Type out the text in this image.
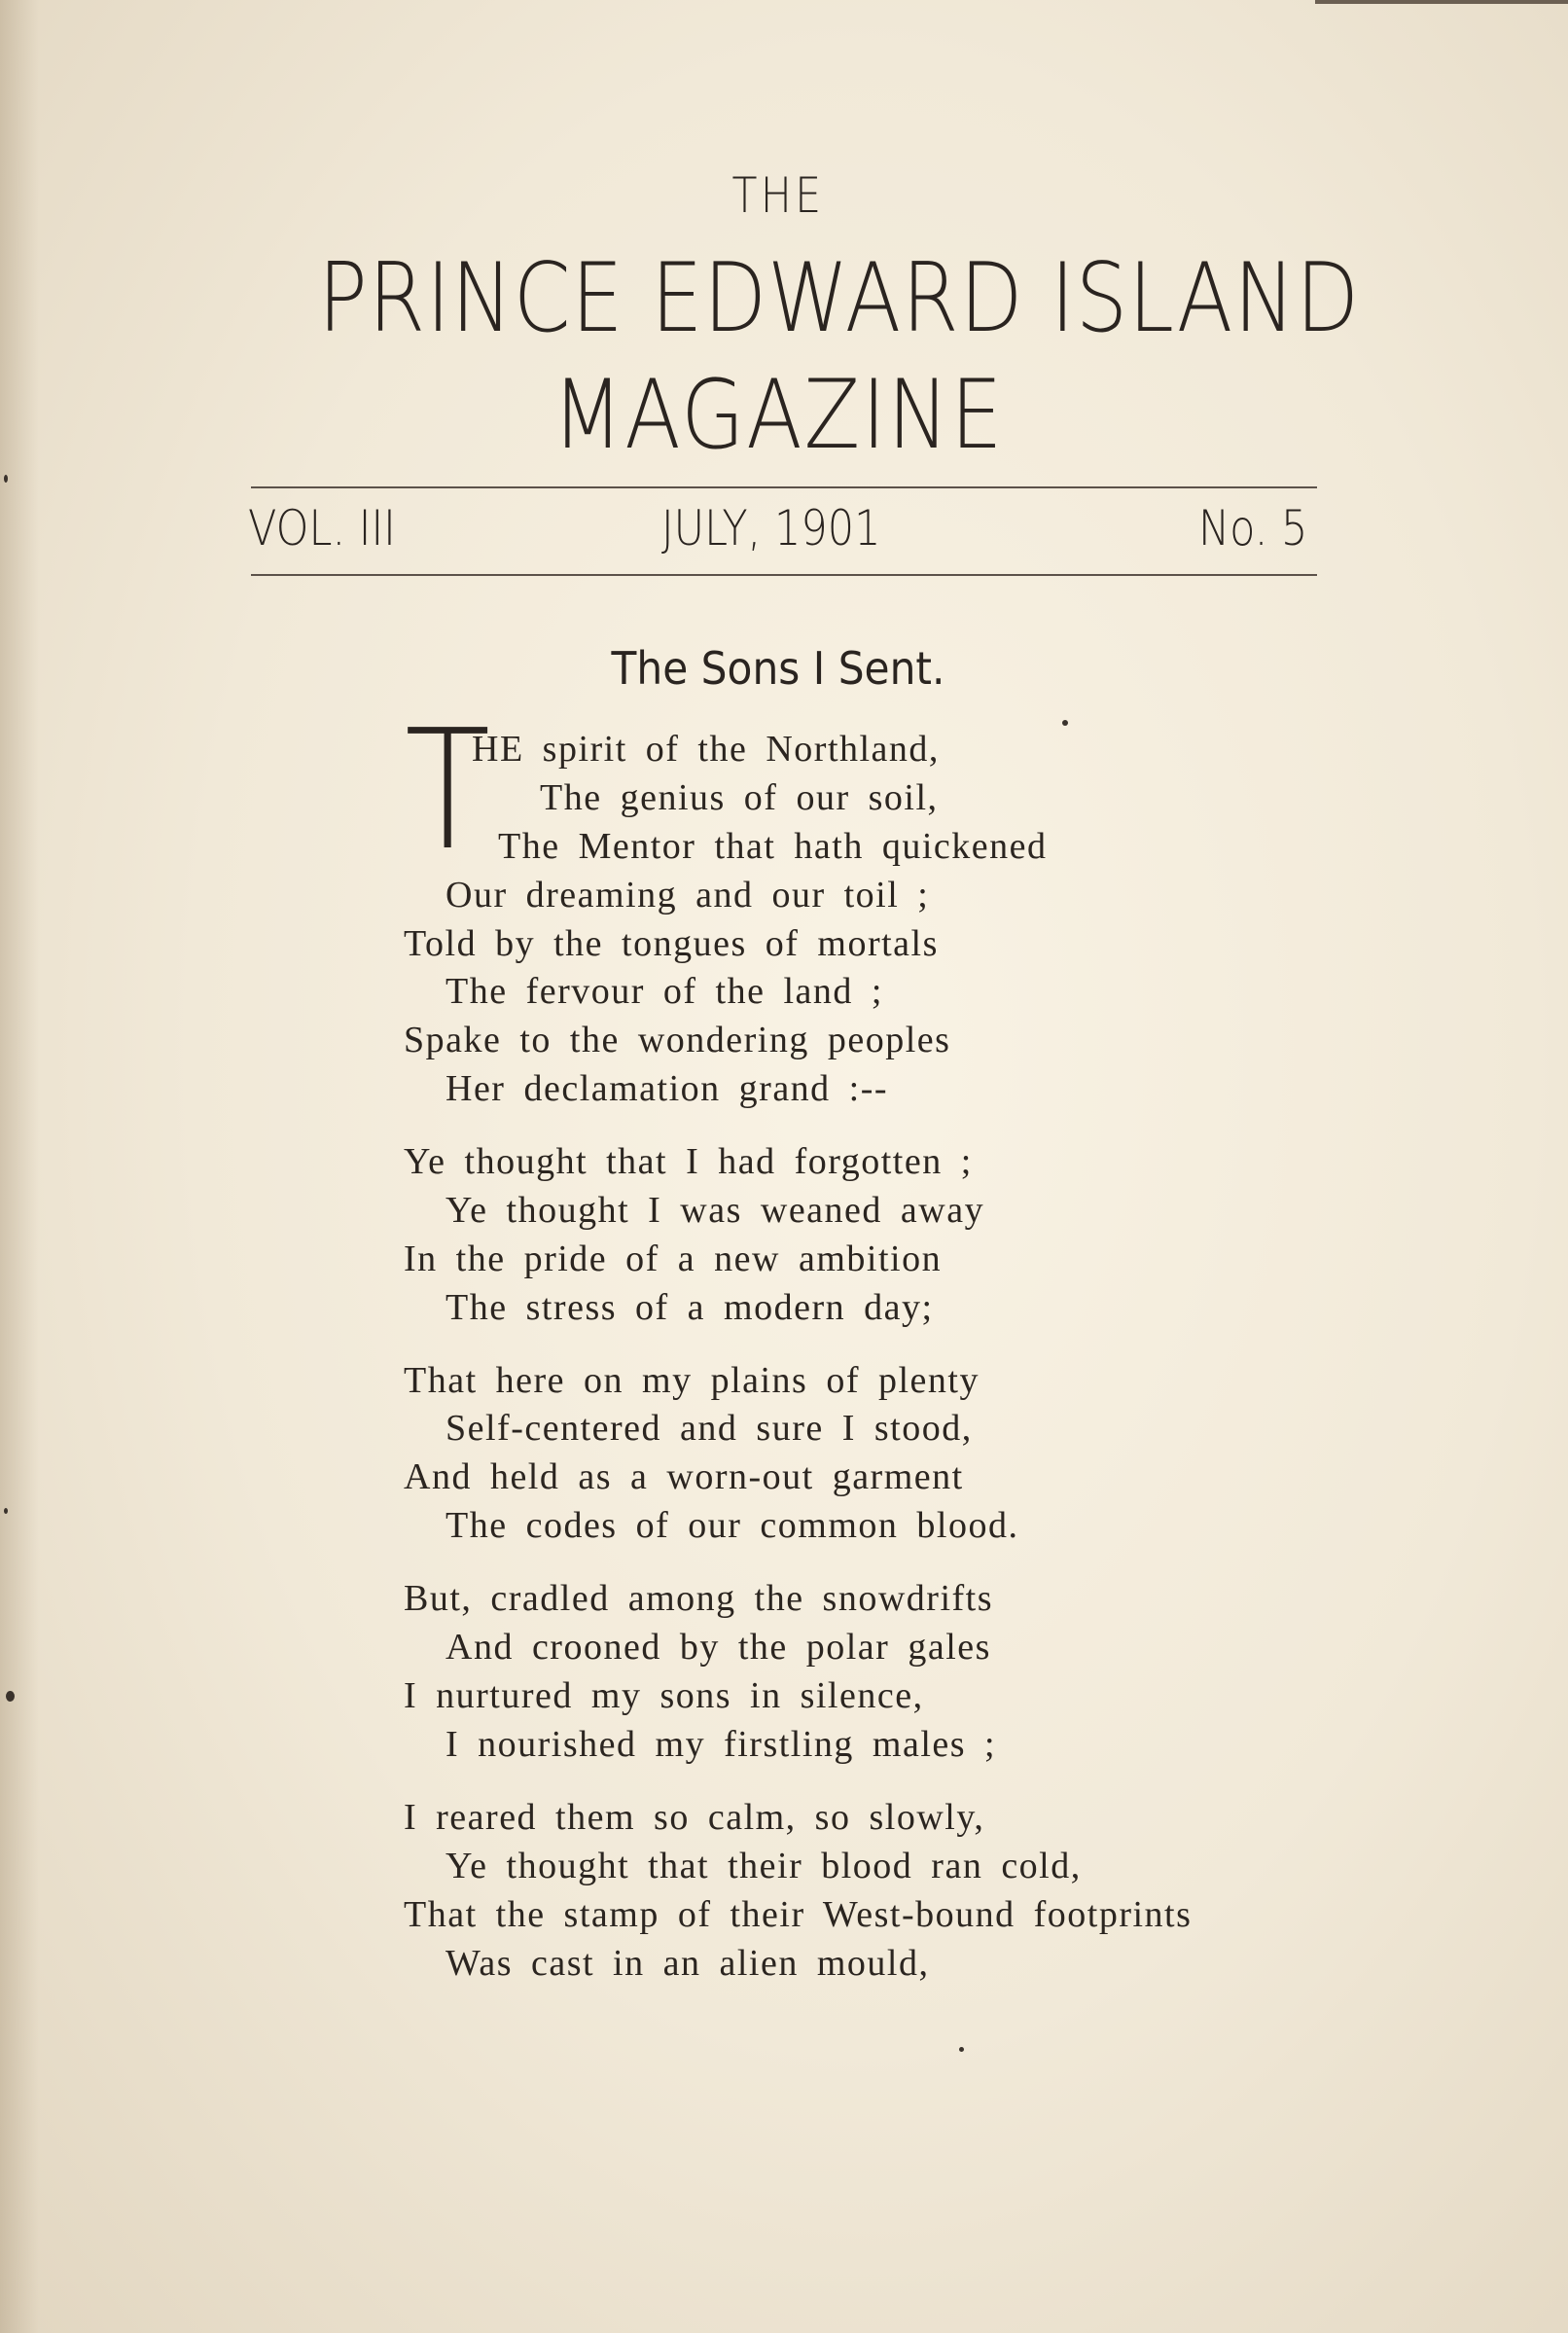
THE
PRINCE EDWARD ISLAND
MAGAZINE
VOL. III	JULY, 1901	No. 5
The Sons I Sent.
T
HE spirit of the Northland,
The genius of our soil,
The Mentor that hath quickened
Our dreaming and our toil ;
Told by the tongues of mortals
The fervour of the land ;
Spake to the wondering peoples
Her declamation grand :--
Ye thought that I had forgotten ;
Ye thought I was weaned away
In the pride of a new ambition
The stress of a modern day;
That here on my plains of plenty
Self-centered and sure I stood,
And held as a worn-out garment
The codes of our common blood.
But, cradled among the snowdrifts
And crooned by the polar gales
I nurtured my sons in silence,
I nourished my firstling males ;
I reared them so calm, so slowly,
Ye thought that their blood ran cold,
That the stamp of their West-bound footprints
Was cast in an alien mould,
